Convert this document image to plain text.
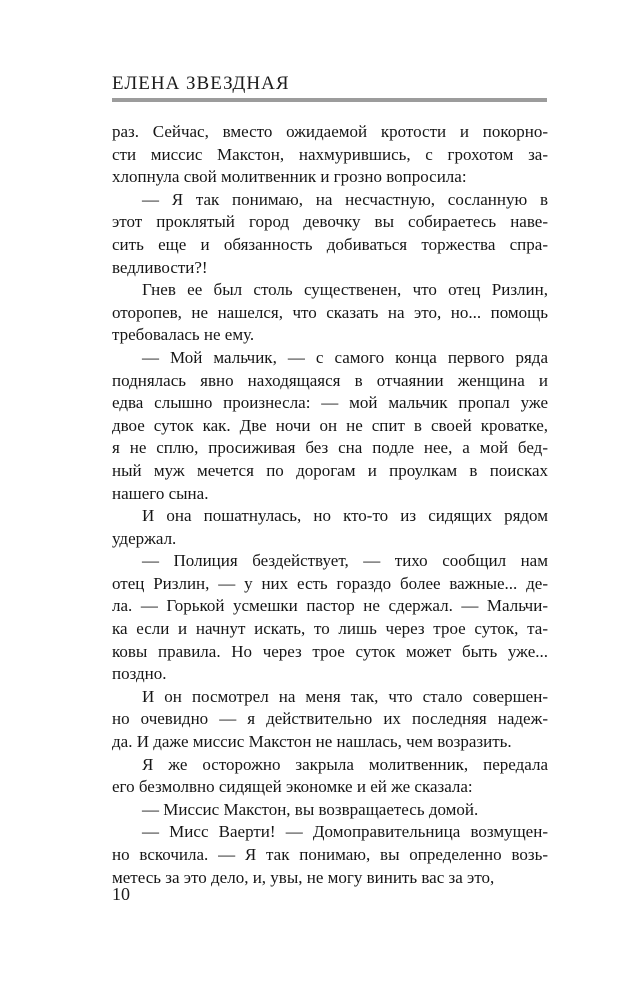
ЕЛЕНА ЗВЕЗДНАЯ
раз. Сейчас, вместо ожидаемой кротости и покорно-
сти миссис Макстон, нахмурившись, с грохотом за-
хлопнула свой молитвенник и грозно вопросила:
— Я так понимаю, на несчастную, сосланную в
этот проклятый город девочку вы собираетесь наве-
сить еще и обязанность добиваться торжества спра-
ведливости?!
Гнев ее был столь существенен, что отец Ризлин,
оторопев, не нашелся, что сказать на это, но... помощь
требовалась не ему.
— Мой мальчик, — с самого конца первого ряда
поднялась явно находящаяся в отчаянии женщина и
едва слышно произнесла: — мой мальчик пропал уже
двое суток как. Две ночи он не спит в своей кроватке,
я не сплю, просиживая без сна подле нее, а мой бед-
ный муж мечется по дорогам и проулкам в поисках
нашего сына.
И она пошатнулась, но кто-то из сидящих рядом
удержал.
— Полиция бездействует, — тихо сообщил нам
отец Ризлин, — у них есть гораздо более важные... де-
ла. — Горькой усмешки пастор не сдержал. — Мальчи-
ка если и начнут искать, то лишь через трое суток, та-
ковы правила. Но через трое суток может быть уже...
поздно.
И он посмотрел на меня так, что стало совершен-
но очевидно — я действительно их последняя надеж-
да. И даже миссис Макстон не нашлась, чем возразить.
Я же осторожно закрыла молитвенник, передала
его безмолвно сидящей экономке и ей же сказала:
— Миссис Макстон, вы возвращаетесь домой.
— Мисс Ваерти! — Домоправительница возмущен-
но вскочила. — Я так понимаю, вы определенно возь-
метесь за это дело, и, увы, не могу винить вас за это,
10
